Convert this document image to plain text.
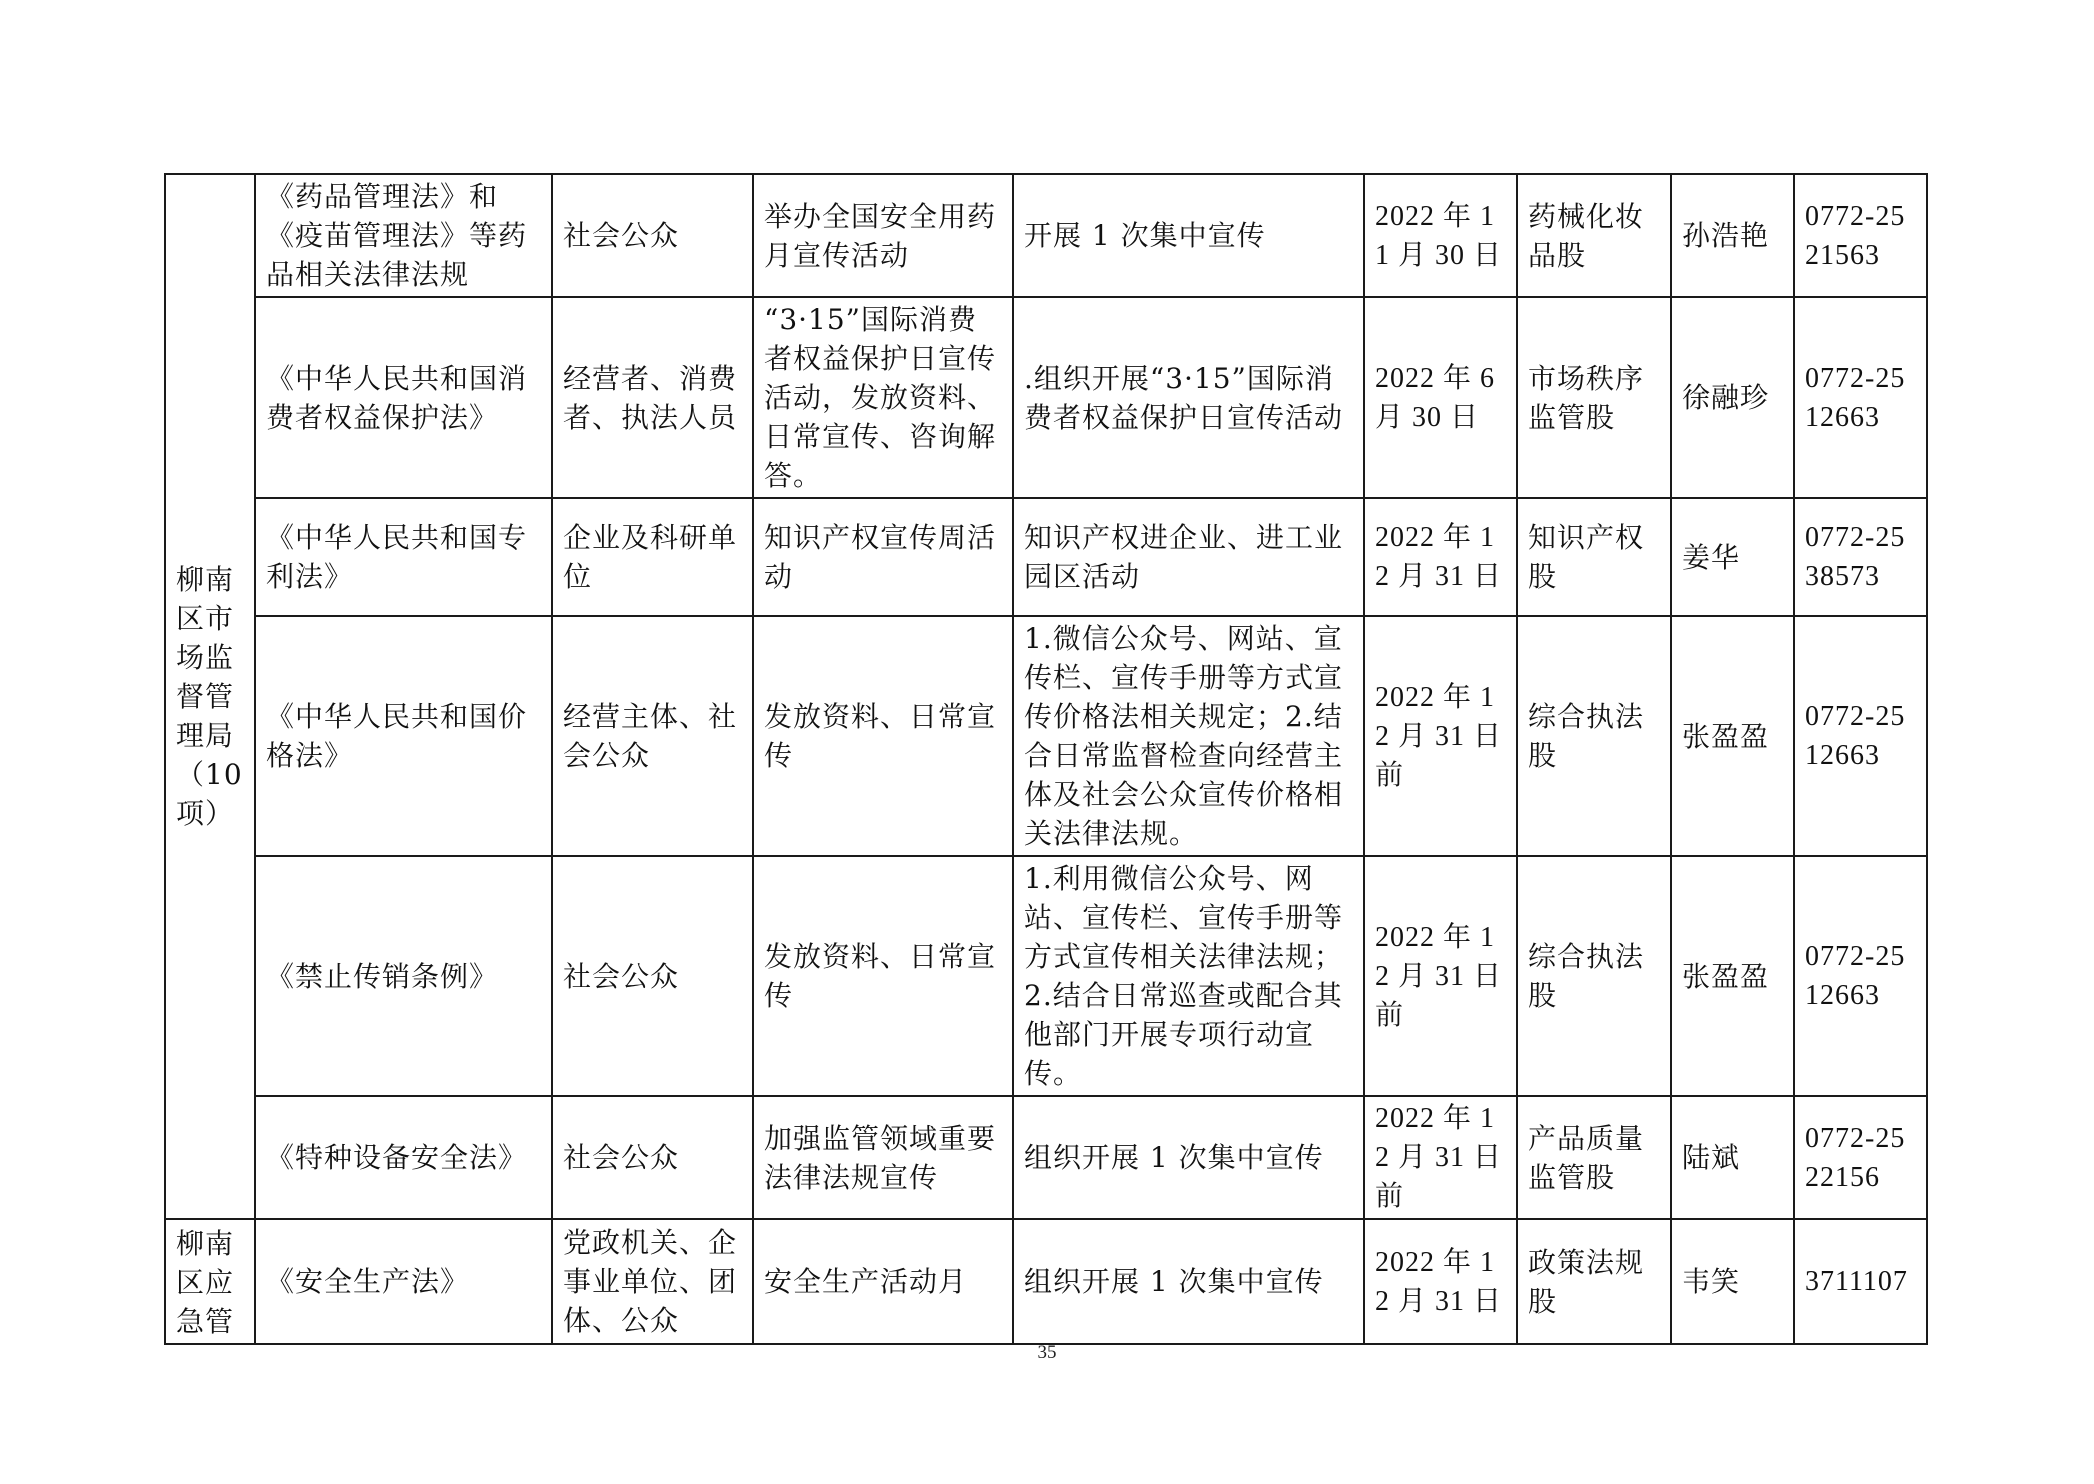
柳南区市场监督管理局（10项）	《药品管理法》和《疫苗管理法》等药品相关法律法规	社会公众	举办全国安全用药月宣传活动	开展 1 次集中宣传	2022 年 11 月 30 日	药械化妆品股	孙浩艳	0772-2521563
	《中华人民共和国消费者权益保护法》	经营者、消费者、执法人员	“3·15”国际消费者权益保护日宣传活动，发放资料、日常宣传、咨询解答。	.组织开展“3·15”国际消费者权益保护日宣传活动	2022 年 6 月 30 日	市场秩序监管股	徐融珍	0772-2512663
	《中华人民共和国专利法》	企业及科研单位	知识产权宣传周活动	知识产权进企业、进工业园区活动	2022 年 12 月 31 日	知识产权股	姜华	0772-2538573
	《中华人民共和国价格法》	经营主体、社会公众	发放资料、日常宣传	1.微信公众号、网站、宣传栏、宣传手册等方式宣传价格法相关规定；2.结合日常监督检查向经营主体及社会公众宣传价格相关法律法规。	2022 年 12 月 31 日前	综合执法股	张盈盈	0772-2512663
	《禁止传销条例》	社会公众	发放资料、日常宣传	1.利用微信公众号、网站、宣传栏、宣传手册等方式宣传相关法律法规；2.结合日常巡查或配合其他部门开展专项行动宣传。	2022 年 12 月 31 日前	综合执法股	张盈盈	0772-2512663
	《特种设备安全法》	社会公众	加强监管领域重要法律法规宣传	组织开展 1 次集中宣传	2022 年 12 月 31 日前	产品质量监管股	陆斌	0772-2522156
柳南区应急管	《安全生产法》	党政机关、企事业单位、团体、公众	安全生产活动月	组织开展 1 次集中宣传	2022 年 12 月 31 日	政策法规股	韦笑	3711107
35
